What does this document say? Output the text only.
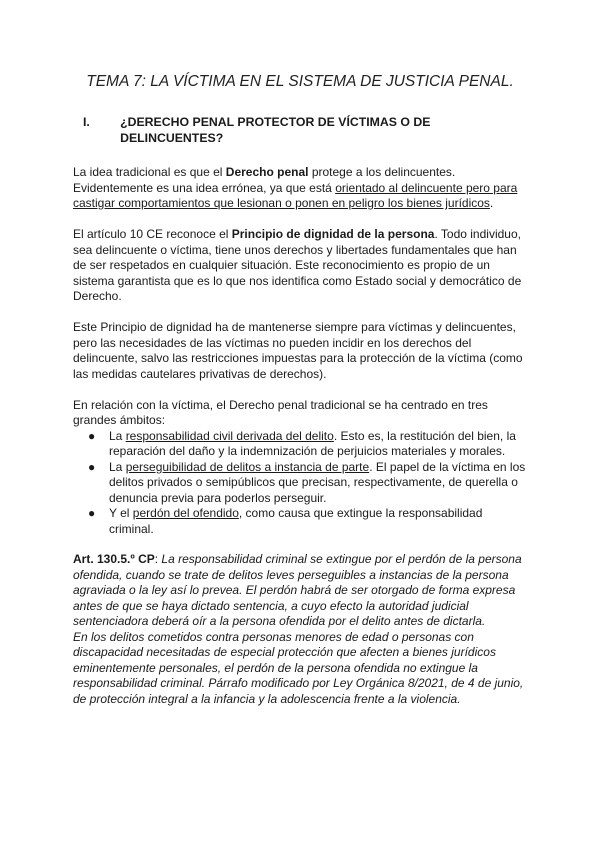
TEMA 7: LA VÍCTIMA EN EL SISTEMA DE JUSTICIA PENAL.
I.	¿DERECHO PENAL PROTECTOR DE VÍCTIMAS O DE DELINCUENTES?

La idea tradicional es que el Derecho penal protege a los delincuentes. Evidentemente es una idea errónea, ya que está orientado al delincuente pero para castigar comportamientos que lesionan o ponen en peligro los bienes jurídicos.

El artículo 10 CE reconoce el Principio de dignidad de la persona. Todo individuo, sea delincuente o víctima, tiene unos derechos y libertades fundamentales que han de ser respetados en cualquier situación. Este reconocimiento es propio de un sistema garantista que es lo que nos identifica como Estado social y democrático de Derecho.

Este Principio de dignidad ha de mantenerse siempre para víctimas y delincuentes, pero las necesidades de las víctimas no pueden incidir en los derechos del delincuente, salvo las restricciones impuestas para la protección de la víctima (como las medidas cautelares privativas de derechos).

En relación con la víctima, el Derecho penal tradicional se ha centrado en tres grandes ámbitos:

● La responsabilidad civil derivada del delito. Esto es, la restitución del bien, la reparación del daño y la indemnización de perjuicios materiales y morales.
● La perseguibilidad de delitos a instancia de parte. El papel de la víctima en los delitos privados o semipúblicos que precisan, respectivamente, de querella o denuncia previa para poderlos perseguir.
● Y el perdón del ofendido, como causa que extingue la responsabilidad criminal.

Art. 130.5.º CP: La responsabilidad criminal se extingue por el perdón de la persona ofendida, cuando se trate de delitos leves perseguibles a instancias de la persona agraviada o la ley así lo prevea. El perdón habrá de ser otorgado de forma expresa antes de que se haya dictado sentencia, a cuyo efecto la autoridad judicial sentenciadora deberá oír a la persona ofendida por el delito antes de dictarla.
En los delitos cometidos contra personas menores de edad o personas con discapacidad necesitadas de especial protección que afecten a bienes jurídicos eminentemente personales, el perdón de la persona ofendida no extingue la responsabilidad criminal. Párrafo modificado por Ley Orgánica 8/2021, de 4 de junio, de protección integral a la infancia y la adolescencia frente a la violencia.
